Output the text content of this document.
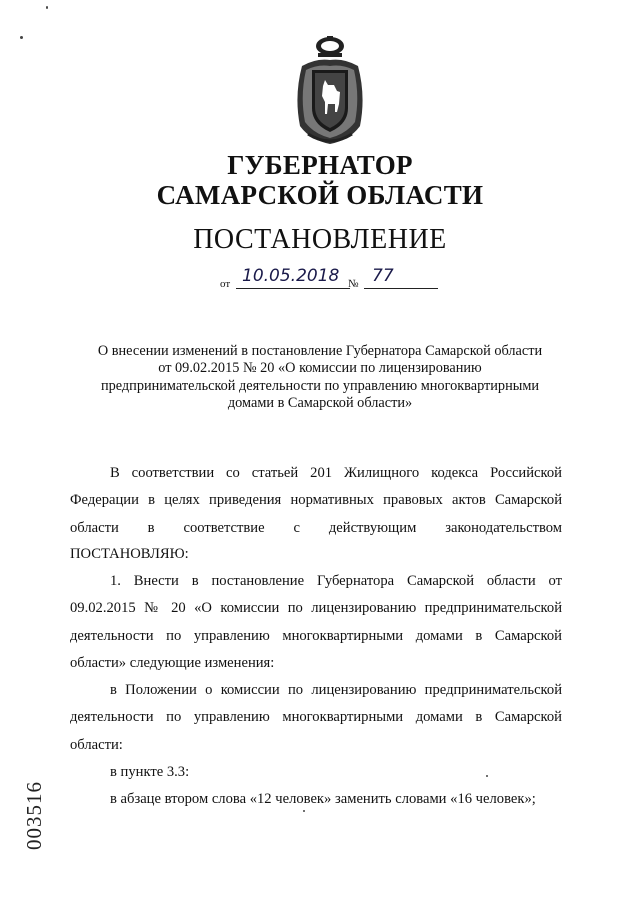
ГУБЕРНАТОР
САМАРСКОЙ ОБЛАСТИ
ПОСТАНОВЛЕНИЕ
от 10.05.2018 № 77
О внесении изменений в постановление Губернатора Самарской области
от 09.02.2015 № 20 «О комиссии по лицензированию
предпринимательской деятельности по управлению многоквартирными
домами в Самарской области»
В соответствии со статьей 201 Жилищного кодекса Российской Федерации в целях приведения нормативных правовых актов Самарской области в соответствие с действующим законодательством
ПОСТАНОВЛЯЮ:
1. Внести в постановление Губернатора Самарской области от 09.02.2015 № 20 «О комиссии по лицензированию предпринимательской деятельности по управлению многоквартирными домами в Самарской области» следующие изменения:
в Положении о комиссии по лицензированию предпринимательской деятельности по управлению многоквартирными домами в Самарской области:
в пункте 3.3:
в абзаце втором слова «12 человек» заменить словами «16 человек»;
003516
